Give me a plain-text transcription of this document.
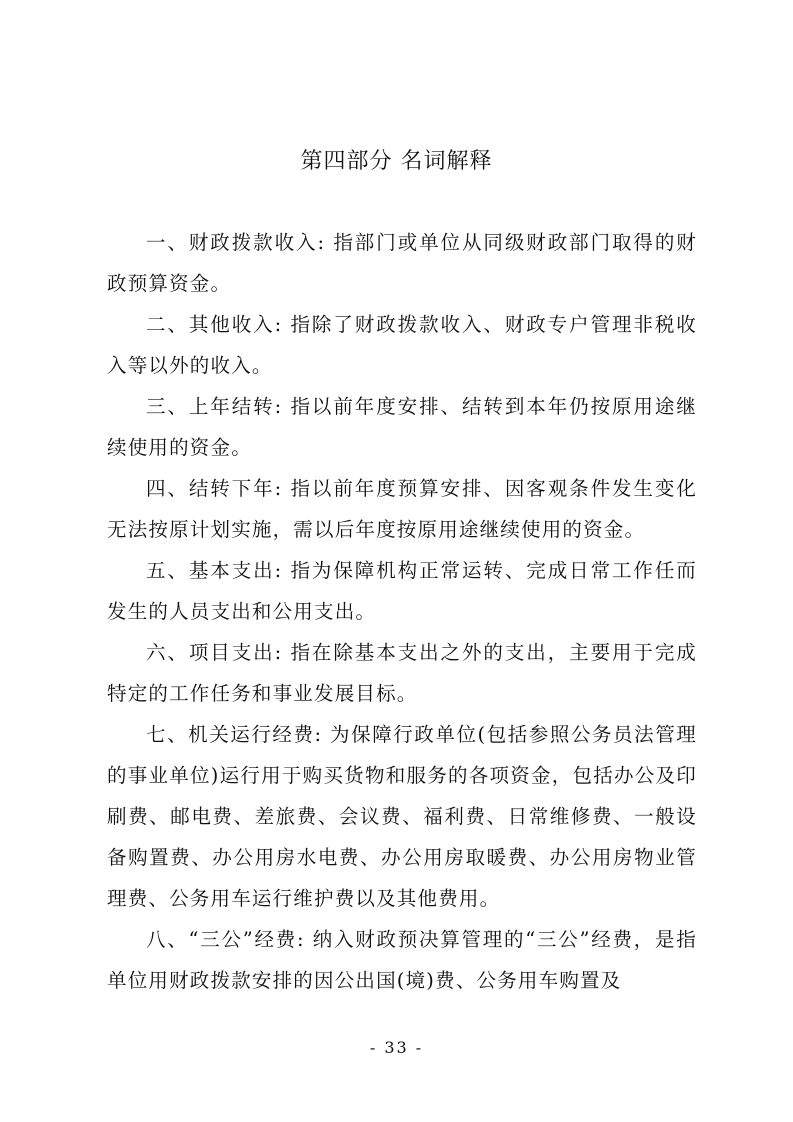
第四部分 名词解释

一、财政拨款收入: 指部门或单位从同级财政部门取得的财政预算资金。

二、其他收入: 指除了财政拨款收入、财政专户管理非税收入等以外的收入。

三、上年结转: 指以前年度安排、结转到本年仍按原用途继续使用的资金。

四、结转下年: 指以前年度预算安排、因客观条件发生变化无法按原计划实施，需以后年度按原用途继续使用的资金。

五、基本支出: 指为保障机构正常运转、完成日常工作任而发生的人员支出和公用支出。

六、项目支出: 指在除基本支出之外的支出，主要用于完成特定的工作任务和事业发展目标。

七、机关运行经费: 为保障行政单位(包括参照公务员法管理的事业单位)运行用于购买货物和服务的各项资金，包括办公及印刷费、邮电费、差旅费、会议费、福利费、日常维修费、一般设备购置费、办公用房水电费、办公用房取暖费、办公用房物业管理费、公务用车运行维护费以及其他费用。

八、“三公”经费: 纳入财政预决算管理的“三公”经费，是指单位用财政拨款安排的因公出国(境)费、公务用车购置及

- 33 -
